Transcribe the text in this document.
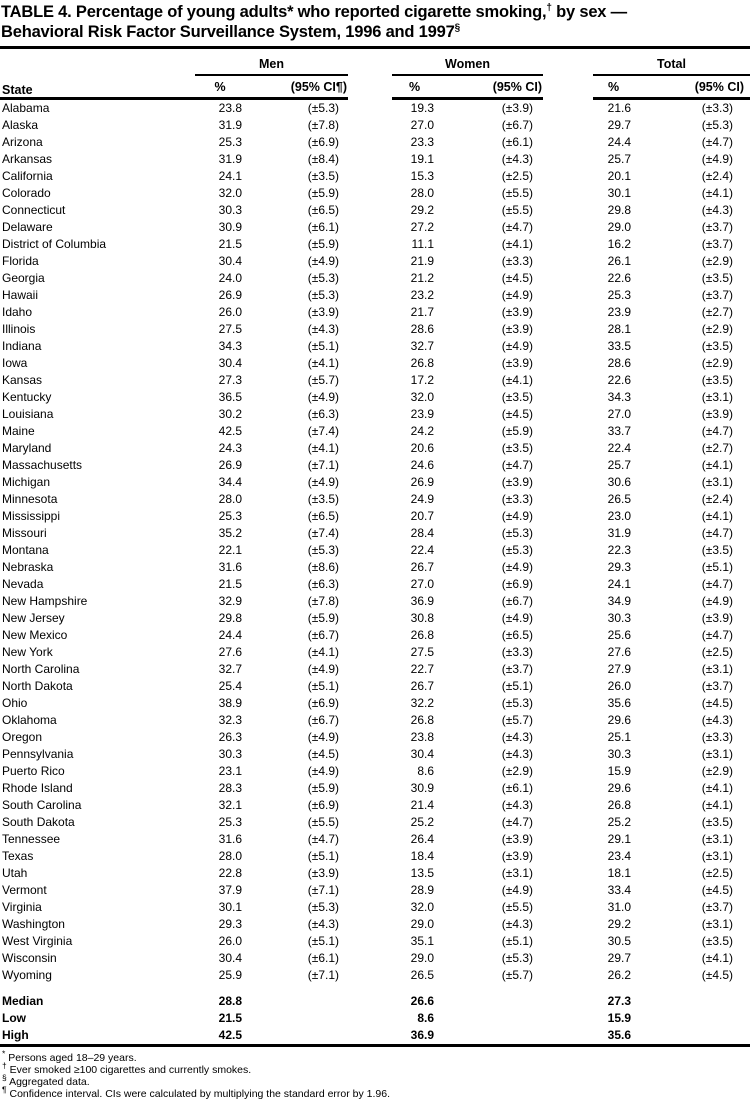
TABLE 4. Percentage of young adults* who reported cigarette smoking,† by sex —
Behavioral Risk Factor Surveillance System, 1996 and 1997§
State	Men			Women			Total	
	%	(95% CI¶)		%	(95% CI)		%	(95% CI)
Alabama	23.8	(±5.3)		19.3	(±3.9)		21.6	(±3.3)
Alaska	31.9	(±7.8)		27.0	(±6.7)		29.7	(±5.3)
Arizona	25.3	(±6.9)		23.3	(±6.1)		24.4	(±4.7)
Arkansas	31.9	(±8.4)		19.1	(±4.3)		25.7	(±4.9)
California	24.1	(±3.5)		15.3	(±2.5)		20.1	(±2.4)
Colorado	32.0	(±5.9)		28.0	(±5.5)		30.1	(±4.1)
Connecticut	30.3	(±6.5)		29.2	(±5.5)		29.8	(±4.3)
Delaware	30.9	(±6.1)		27.2	(±4.7)		29.0	(±3.7)
District of Columbia	21.5	(±5.9)		11.1	(±4.1)		16.2	(±3.7)
Florida	30.4	(±4.9)		21.9	(±3.3)		26.1	(±2.9)
Georgia	24.0	(±5.3)		21.2	(±4.5)		22.6	(±3.5)
Hawaii	26.9	(±5.3)		23.2	(±4.9)		25.3	(±3.7)
Idaho	26.0	(±3.9)		21.7	(±3.9)		23.9	(±2.7)
Illinois	27.5	(±4.3)		28.6	(±3.9)		28.1	(±2.9)
Indiana	34.3	(±5.1)		32.7	(±4.9)		33.5	(±3.5)
Iowa	30.4	(±4.1)		26.8	(±3.9)		28.6	(±2.9)
Kansas	27.3	(±5.7)		17.2	(±4.1)		22.6	(±3.5)
Kentucky	36.5	(±4.9)		32.0	(±3.5)		34.3	(±3.1)
Louisiana	30.2	(±6.3)		23.9	(±4.5)		27.0	(±3.9)
Maine	42.5	(±7.4)		24.2	(±5.9)		33.7	(±4.7)
Maryland	24.3	(±4.1)		20.6	(±3.5)		22.4	(±2.7)
Massachusetts	26.9	(±7.1)		24.6	(±4.7)		25.7	(±4.1)
Michigan	34.4	(±4.9)		26.9	(±3.9)		30.6	(±3.1)
Minnesota	28.0	(±3.5)		24.9	(±3.3)		26.5	(±2.4)
Mississippi	25.3	(±6.5)		20.7	(±4.9)		23.0	(±4.1)
Missouri	35.2	(±7.4)		28.4	(±5.3)		31.9	(±4.7)
Montana	22.1	(±5.3)		22.4	(±5.3)		22.3	(±3.5)
Nebraska	31.6	(±8.6)		26.7	(±4.9)		29.3	(±5.1)
Nevada	21.5	(±6.3)		27.0	(±6.9)		24.1	(±4.7)
New Hampshire	32.9	(±7.8)		36.9	(±6.7)		34.9	(±4.9)
New Jersey	29.8	(±5.9)		30.8	(±4.9)		30.3	(±3.9)
New Mexico	24.4	(±6.7)		26.8	(±6.5)		25.6	(±4.7)
New York	27.6	(±4.1)		27.5	(±3.3)		27.6	(±2.5)
North Carolina	32.7	(±4.9)		22.7	(±3.7)		27.9	(±3.1)
North Dakota	25.4	(±5.1)		26.7	(±5.1)		26.0	(±3.7)
Ohio	38.9	(±6.9)		32.2	(±5.3)		35.6	(±4.5)
Oklahoma	32.3	(±6.7)		26.8	(±5.7)		29.6	(±4.3)
Oregon	26.3	(±4.9)		23.8	(±4.3)		25.1	(±3.3)
Pennsylvania	30.3	(±4.5)		30.4	(±4.3)		30.3	(±3.1)
Puerto Rico	23.1	(±4.9)		8.6	(±2.9)		15.9	(±2.9)
Rhode Island	28.3	(±5.9)		30.9	(±6.1)		29.6	(±4.1)
South Carolina	32.1	(±6.9)		21.4	(±4.3)		26.8	(±4.1)
South Dakota	25.3	(±5.5)		25.2	(±4.7)		25.2	(±3.5)
Tennessee	31.6	(±4.7)		26.4	(±3.9)		29.1	(±3.1)
Texas	28.0	(±5.1)		18.4	(±3.9)		23.4	(±3.1)
Utah	22.8	(±3.9)		13.5	(±3.1)		18.1	(±2.5)
Vermont	37.9	(±7.1)		28.9	(±4.9)		33.4	(±4.5)
Virginia	30.1	(±5.3)		32.0	(±5.5)		31.0	(±3.7)
Washington	29.3	(±4.3)		29.0	(±4.3)		29.2	(±3.1)
West Virginia	26.0	(±5.1)		35.1	(±5.1)		30.5	(±3.5)
Wisconsin	30.4	(±6.1)		29.0	(±5.3)		29.7	(±4.1)
Wyoming	25.9	(±7.1)		26.5	(±5.7)		26.2	(±4.5)

Median	28.8			26.6			27.3	
Low	21.5			8.6			15.9	
High	42.5			36.9			35.6	
* Persons aged 18–29 years.
† Ever smoked ≥100 cigarettes and currently smokes.
§ Aggregated data.
¶ Confidence interval. CIs were calculated by multiplying the standard error by 1.96.
